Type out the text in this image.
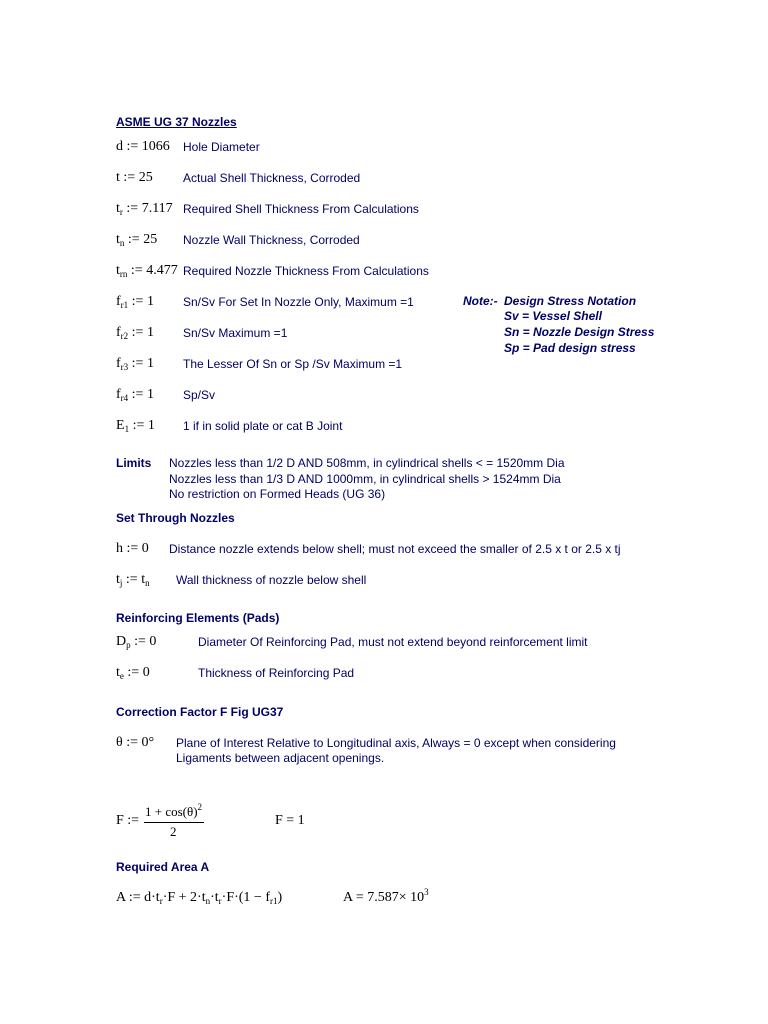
ASME UG 37 Nozzles
d := 1066 Hole Diameter
t := 25	Actual Shell Thickness, Corroded
$t_r$ := 7.117 Required Shell Thickness From Calculations
$t_n$ := 25 Nozzle Wall Thickness, Corroded
$t_{rn}$ := 4.477 Required Nozzle Thickness From Calculations
$f_{r1}$ := 1 Sn/Sv For Set In Nozzle Only, Maximum =1
$f_{r2}$ := 1 Sn/Sv Maximum =1
$f_{r3}$ := 1 The Lesser Of Sn or Sp /Sv Maximum =1
$f_{r4}$ := 1 Sp/Sv
$E_1$ := 1 1 if in solid plate or cat B Joint
Note:- Design Stress Notation
Sv = Vessel Shell
Sn = Nozzle Design Stress
Sp = Pad design stress
Limits Nozzles less than 1/2 D AND 508mm, in cylindrical shells < = 1520mm Dia
Nozzles less than 1/3 D AND 1000mm, in cylindrical shells > 1524mm Dia
No restriction on Formed Heads (UG 36)
Set Through Nozzles
h := 0 Distance nozzle extends below shell; must not exceed the smaller of 2.5 x t or 2.5 x tj
$t_j$ := $t_n$ Wall thickness of nozzle below shell
Reinforcing Elements (Pads)
$D_p$ := 0	Diameter Of Reinforcing Pad, must not extend beyond reinforcement limit
$t_e$ := 0	Thickness of Reinforcing Pad
Correction Factor F Fig UG37
θ := 0° Plane of Interest Relative to Longitudinal axis, Always = 0 except when considering
Ligaments between adjacent openings.
F :=
$1 + \cos(\theta)^2$
2
F = 1
Required Area A
A := $d\cdot t_r\cdot F + 2\cdot t_n\cdot t_r\cdot F\cdot(1 - f_{r1})$	$A = 7.587\times 10^3$
